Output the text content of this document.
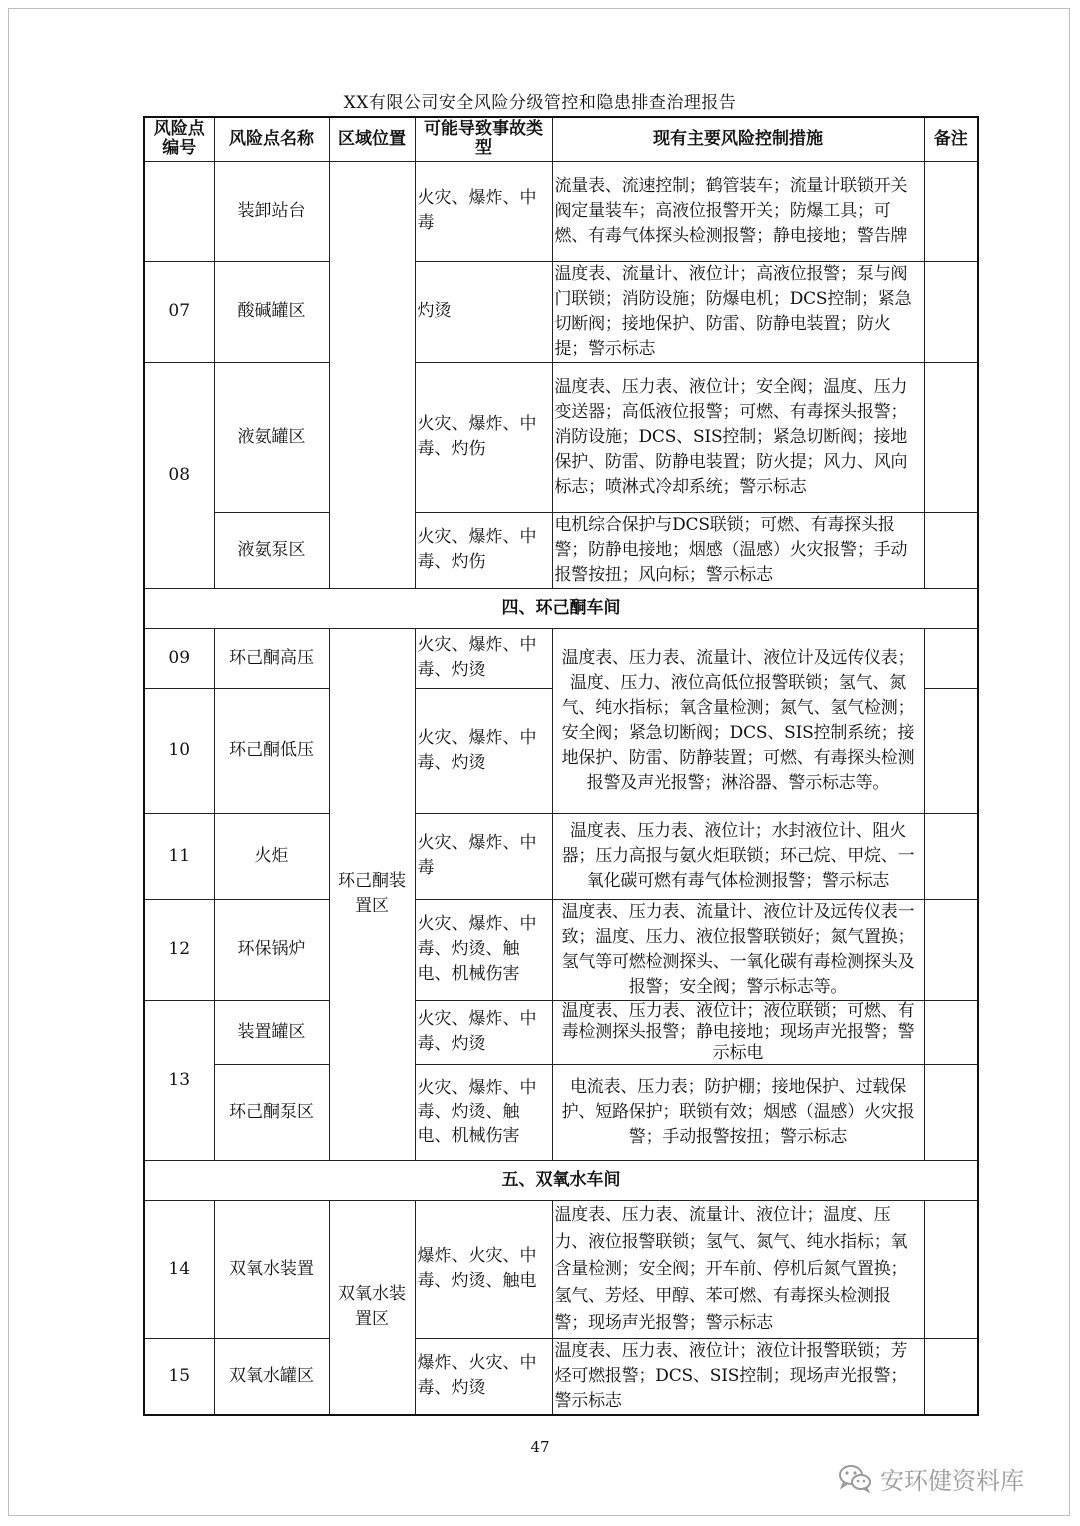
XX有限公司安全风险分级管控和隐患排查治理报告
风险点编号	风险点名称	区域位置	可能导致事故类型	现有主要风险控制措施	备注
	装卸站台		火灾、爆炸、中毒	流量表、流速控制；鹤管装车；流量计联锁开关阀定量装车；高液位报警开关；防爆工具；可燃、有毒气体探头检测报警；静电接地；警告牌	
07	酸碱罐区		灼烫	温度表、流量计、液位计；高液位报警；泵与阀门联锁；消防设施；防爆电机；DCS控制；紧急切断阀；接地保护、防雷、防静电装置；防火提；警示标志	
08	液氨罐区		火灾、爆炸、中毒、灼伤	温度表、压力表、液位计；安全阀；温度、压力变送器；高低液位报警；可燃、有毒探头报警；消防设施；DCS、SIS控制；紧急切断阀；接地保护、防雷、防静电装置；防火提；风力、风向标志；喷淋式冷却系统；警示标志	
	液氨泵区		火灾、爆炸、中毒、灼伤	电机综合保护与DCS联锁；可燃、有毒探头报警；防静电接地；烟感（温感）火灾报警；手动报警按扭；风向标；警示标志	
四、环己酮车间					
09	环己酮高压	环己酮装置区	火灾、爆炸、中毒、灼烫	温度表、压力表、流量计、液位计及远传仪表；温度、压力、液位高低位报警联锁；氢气、氮气、纯水指标；氧含量检测；氮气、氢气检测；安全阀；紧急切断阀；DCS、SIS控制系统；接地保护、防雷、防静装置；可燃、有毒探头检测报警及声光报警；淋浴器、警示标志等。	
10	环己酮低压		火灾、爆炸、中毒、灼烫		
11	火炬		火灾、爆炸、中毒	温度表、压力表、液位计；水封液位计、阻火器；压力高报与氨火炬联锁；环己烷、甲烷、一氧化碳可燃有毒气体检测报警；警示标志	
12	环保锅炉		火灾、爆炸、中毒、灼烫、触电、机械伤害	温度表、压力表、流量计、液位计及远传仪表一致；温度、压力、液位报警联锁好；氮气置换；氢气等可燃检测探头、一氧化碳有毒检测探头及报警；安全阀；警示标志等。	
13	装置罐区		火灾、爆炸、中毒、灼烫	温度表、压力表、液位计；液位联锁；可燃、有毒检测探头报警；静电接地；现场声光报警；警示标电	
	环己酮泵区		火灾、爆炸、中毒、灼烫、触电、机械伤害	电流表、压力表；防护棚；接地保护、过载保护、短路保护；联锁有效；烟感（温感）火灾报警；手动报警按扭；警示标志	
五、双氧水车间					
14	双氧水装置	双氧水装置区	爆炸、火灾、中毒、灼烫、触电	温度表、压力表、流量计、液位计；温度、压力、液位报警联锁；氢气、氮气、纯水指标；氧含量检测；安全阀；开车前、停机后氮气置换；氢气、芳烃、甲醇、苯可燃、有毒探头检测报警；现场声光报警；警示标志	
15	双氧水罐区		爆炸、火灾、中毒、灼烫	温度表、压力表、液位计；液位计报警联锁；芳烃可燃报警；DCS、SIS控制；现场声光报警；警示标志	
47
安环健资料库
